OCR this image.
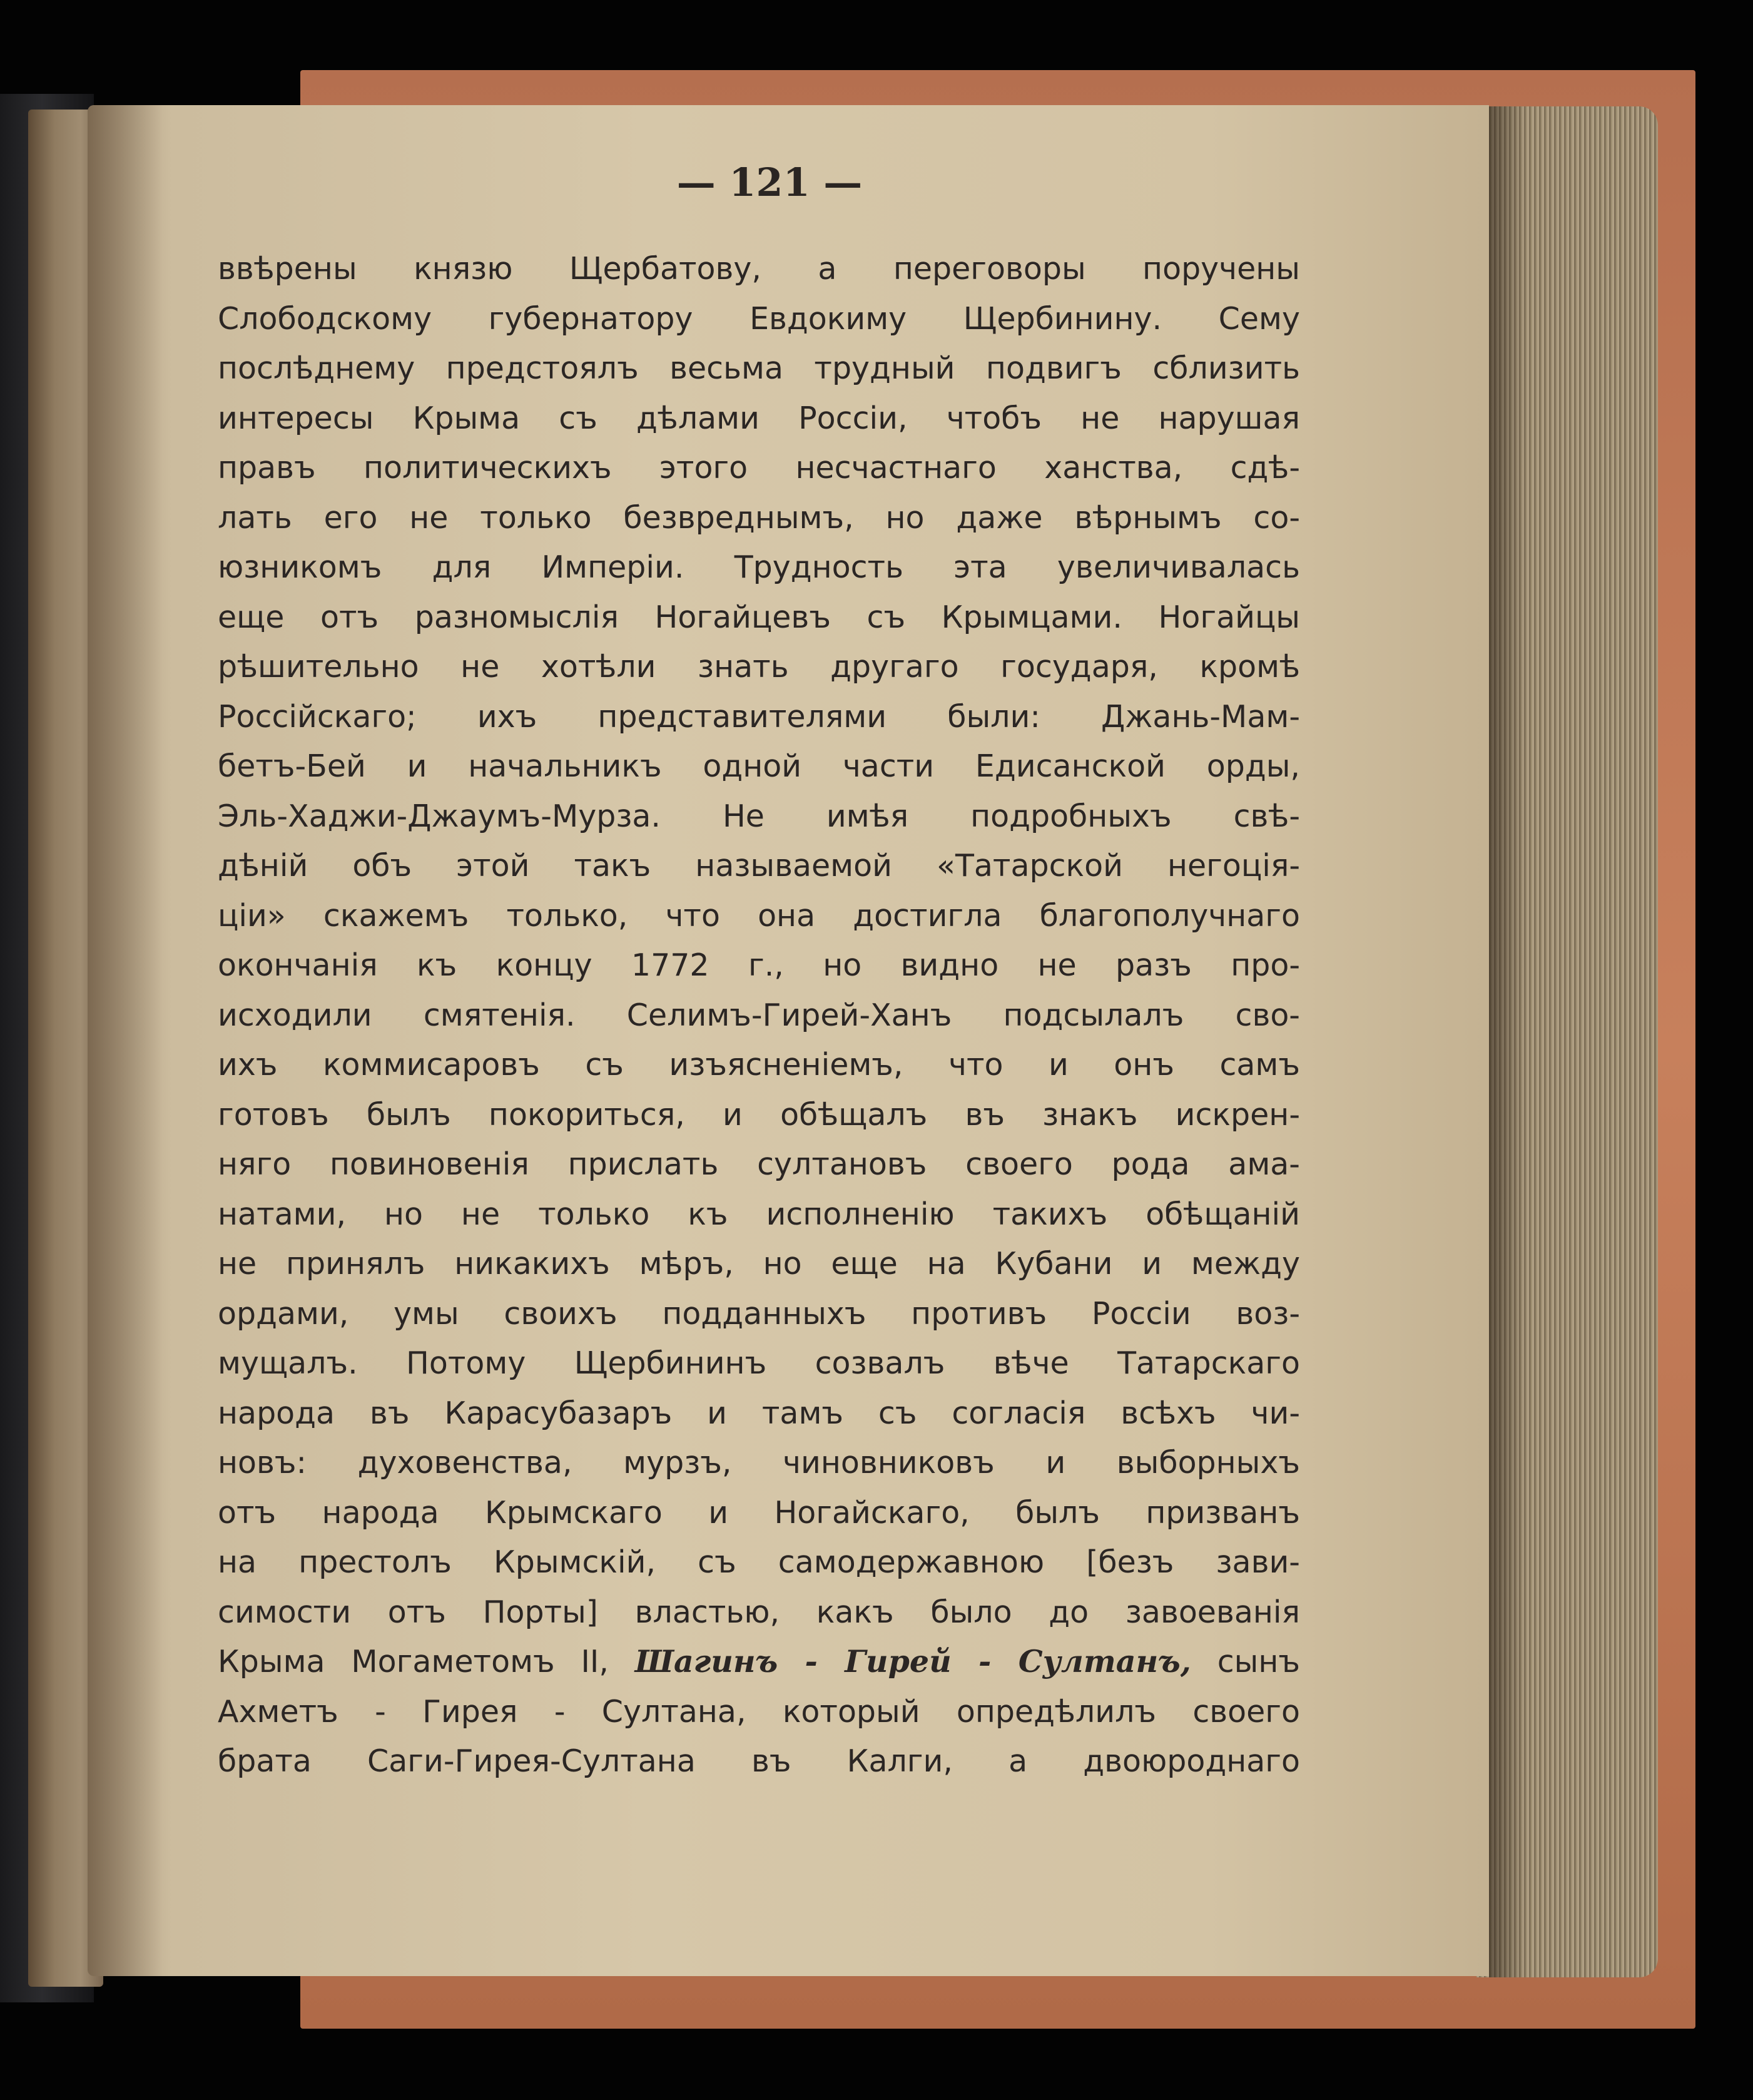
— 121 —
ввѣрены князю Щербатову, а переговоры поручены
Слободскому губернатору Евдокиму Щербинину. Сему
послѣднему предстоялъ весьма трудный подвигъ сблизить
интересы Крыма съ дѣлами Россіи, чтобъ не нарушая
правъ политическихъ этого несчастнаго ханства, сдѣ-
лать его не только безвреднымъ, но даже вѣрнымъ со-
юзникомъ для Имперіи. Трудность эта увеличивалась
еще отъ разномыслія Ногайцевъ съ Крымцами. Ногайцы
рѣшительно не хотѣли знать другаго государя, кромѣ
Россійскаго; ихъ представителями были: Джань-Мам-
бетъ-Бей и начальникъ одной части Едисанской орды,
Эль-Хаджи-Джаумъ-Мурза. Не имѣя подробныхъ свѣ-
дѣній объ этой такъ называемой «Татарской негоція-
ціи» скажемъ только, что она достигла благополучнаго
окончанія къ концу 1772 г., но видно не разъ про-
исходили смятенія. Селимъ-Гирей-Ханъ подсылалъ сво-
ихъ коммисаровъ съ изъясненіемъ, что и онъ самъ
готовъ былъ покориться, и обѣщалъ въ знакъ искрен-
няго повиновенія прислать султановъ своего рода ама-
натами, но не только къ исполненію такихъ обѣщаній
не принялъ никакихъ мѣръ, но еще на Кубани и между
ордами, умы своихъ подданныхъ противъ Россіи воз-
мущалъ. Потому Щербининъ созвалъ вѣче Татарскаго
народа въ Карасубазаръ и тамъ съ согласія всѣхъ чи-
новъ: духовенства, мурзъ, чиновниковъ и выборныхъ
отъ народа Крымскаго и Ногайскаго, былъ призванъ
на престолъ Крымскій, съ самодержавною [безъ зави-
симости отъ Порты] властью, какъ было до завоеванія
Крыма Могаметомъ II, Шагинъ - Гирей - Султанъ, сынъ
Ахметъ - Гирея - Султана, который опредѣлилъ своего
брата Саги-Гирея-Султана въ Калги, а двоюроднаго
